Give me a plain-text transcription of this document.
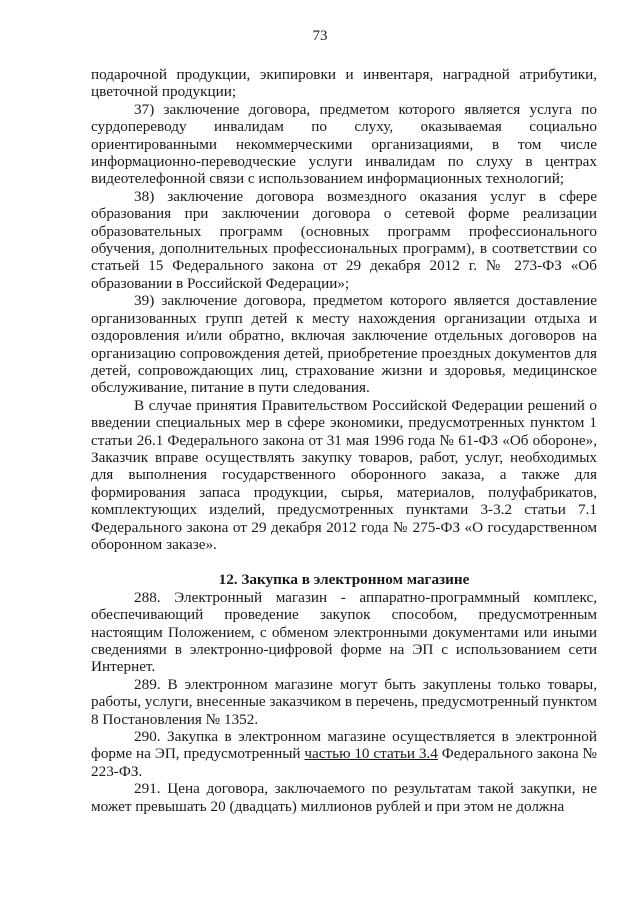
73

подарочной продукции, экипировки и инвентаря, наградной атрибутики, цветочной продукции;

37) заключение договора, предметом которого является услуга по сурдопереводу инвалидам по слуху, оказываемая социально ориентированными некоммерческими организациями, в том числе информационно-переводческие услуги инвалидам по слуху в центрах видеотелефонной связи с использованием информационных технологий;

38) заключение договора возмездного оказания услуг в сфере образования при заключении договора о сетевой форме реализации образовательных программ (основных программ профессионального обучения, дополнительных профессиональных программ), в соответствии со статьей 15 Федерального закона от 29 декабря 2012 г. № 273-ФЗ «Об образовании в Российской Федерации»;

39) заключение договора, предметом которого является доставление организованных групп детей к месту нахождения организации отдыха и оздоровления и/или обратно, включая заключение отдельных договоров на организацию сопровождения детей, приобретение проездных документов для детей, сопровождающих лиц, страхование жизни и здоровья, медицинское обслуживание, питание в пути следования.

В случае принятия Правительством Российской Федерации решений о введении специальных мер в сфере экономики, предусмотренных пунктом 1 статьи 26.1 Федерального закона от 31 мая 1996 года № 61-ФЗ «Об обороне», Заказчик вправе осуществлять закупку товаров, работ, услуг, необходимых для выполнения государственного оборонного заказа, а также для формирования запаса продукции, сырья, материалов, полуфабрикатов, комплектующих изделий, предусмотренных пунктами 3-3.2 статьи 7.1 Федерального закона от 29 декабря 2012 года № 275-ФЗ «О государственном оборонном заказе».

12. Закупка в электронном магазине

288. Электронный магазин - аппаратно-программный комплекс, обеспечивающий проведение закупок способом, предусмотренным настоящим Положением, с обменом электронными документами или иными сведениями в электронно-цифровой форме на ЭП с использованием сети Интернет.

289. В электронном магазине могут быть закуплены только товары, работы, услуги, внесенные заказчиком в перечень, предусмотренный пунктом 8 Постановления № 1352.

290. Закупка в электронном магазине осуществляется в электронной форме на ЭП, предусмотренный частью 10 статьи 3.4 Федерального закона № 223-ФЗ.

291. Цена договора, заключаемого по результатам такой закупки, не может превышать 20 (двадцать) миллионов рублей и при этом не должна
